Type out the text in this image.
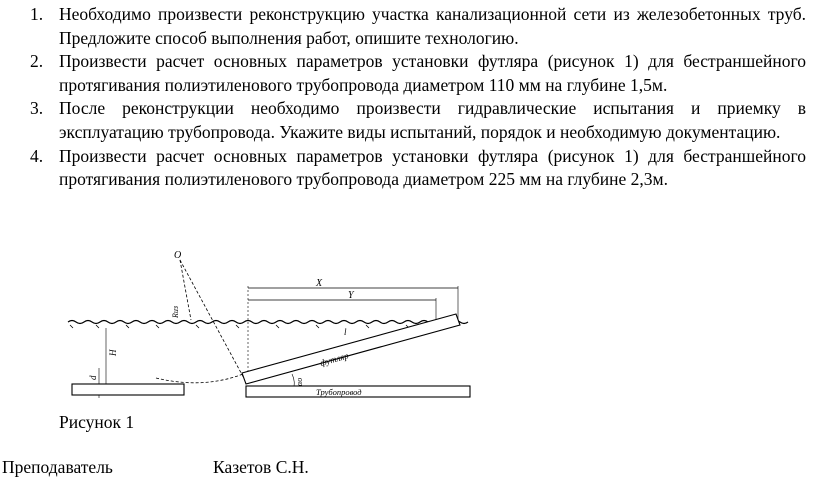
1. Необходимо произвести реконструкцию участка канализационной сети из железобетонных труб. Предложите способ выполнения работ, опишите технологию.
2. Произвести расчет основных параметров установки футляра (рисунок 1) для бестраншейного протягивания полиэтиленового трубопровода диаметром 110 мм на глубине 1,5м.
3. После реконструкции необходимо произвести гидравлические испытания и приемку в эксплуатацию трубопровода. Укажите виды испытаний, порядок и необходимую документацию.
4. Произвести расчет основных параметров установки футляра (рисунок 1) для бестраншейного протягивания полиэтиленового трубопровода диаметром 225 мм на глубине 2,3м.
O
Rиз
X
Y
H
d
Трубопровод
футляр
l
αо
Рисунок 1
Преподаватель	Казетов С.Н.
